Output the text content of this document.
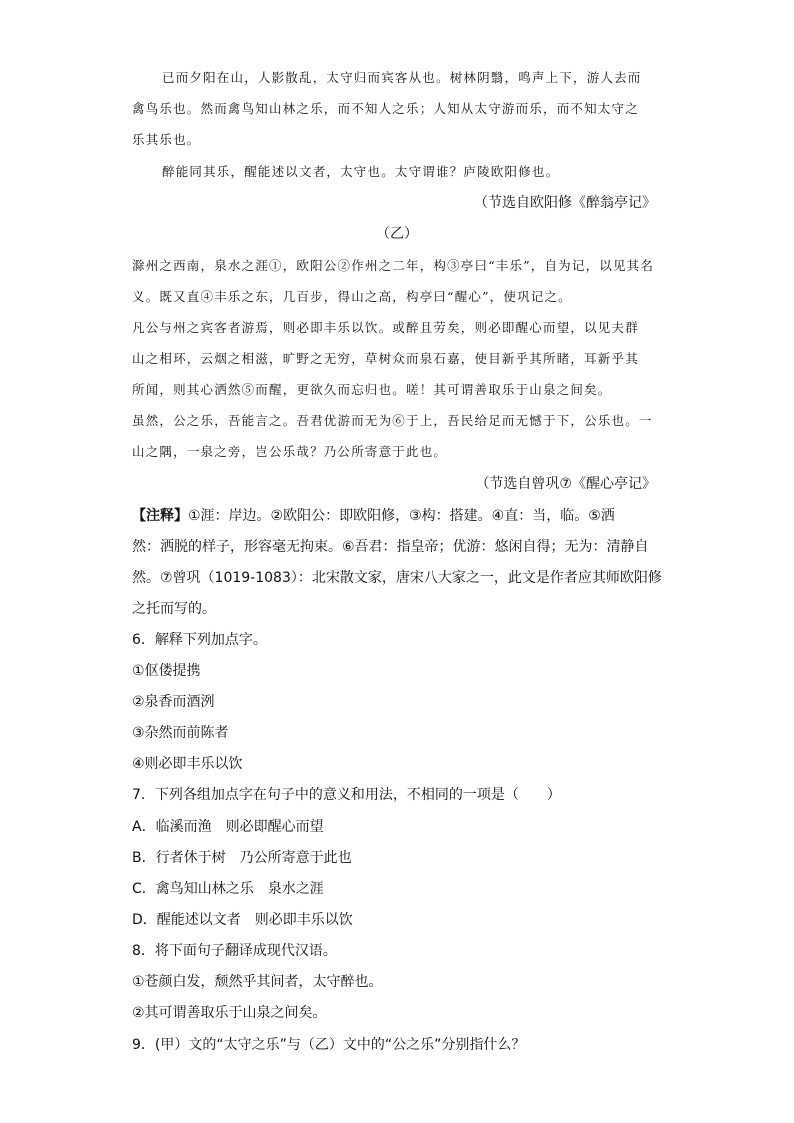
已而夕阳在山，人影散乱，太守归而宾客从也。树林阴翳，鸣声上下，游人去而
禽鸟乐也。然而禽鸟知山林之乐，而不知人之乐；人知从太守游而乐，而不知太守之
乐其乐也。
醉能同其乐，醒能述以文者，太守也。太守谓谁？庐陵欧阳修也。
（节选自欧阳修《醉翁亭记》
（乙）
滁州之西南，泉水之涯①，欧阳公②作州之二年，构③亭曰“丰乐”，自为记，以见其名
义。既又直④丰乐之东，几百步，得山之高，构亭曰“醒心”，使巩记之。
凡公与州之宾客者游焉，则必即丰乐以饮。或醉且劳矣，则必即醒心而望，以见夫群
山之相环，云烟之相滋，旷野之无穷，草树众而泉石嘉，使目新乎其所睹，耳新乎其
所闻，则其心洒然⑤而醒，更欲久而忘归也。嗟！其可谓善取乐于山泉之间矣。
虽然，公之乐，吾能言之。吾君优游而无为⑥于上，吾民给足而无憾于下，公乐也。一
山之隅，一泉之旁，岂公乐哉？乃公所寄意于此也。
（节选自曾巩⑦《醒心亭记》
【注释】①涯：岸边。②欧阳公：即欧阳修，③构：搭建。④直：当，临。⑤洒
然：洒脱的样子，形容毫无拘束。⑥吾君：指皇帝；优游：悠闲自得；无为：清静自
然。⑦曾巩（1019-1083）：北宋散文家，唐宋八大家之一，此文是作者应其师欧阳修
之托而写的。
6．解释下列加点字。
①伛偻提携
②泉香而酒洌
③杂然而前陈者
④则必即丰乐以饮
7．下列各组加点字在句子中的意义和用法，不相同的一项是（　　）
A．临溪而渔　则必即醒心而望
B．行者休于树　乃公所寄意于此也
C．禽鸟知山林之乐　泉水之涯
D．醒能述以文者　则必即丰乐以饮
8．将下面句子翻译成现代汉语。
①苍颜白发，颓然乎其间者，太守醉也。
②其可谓善取乐于山泉之间矣。
9．(甲）文的“太守之乐”与（乙）文中的“公之乐”分别指什么？
